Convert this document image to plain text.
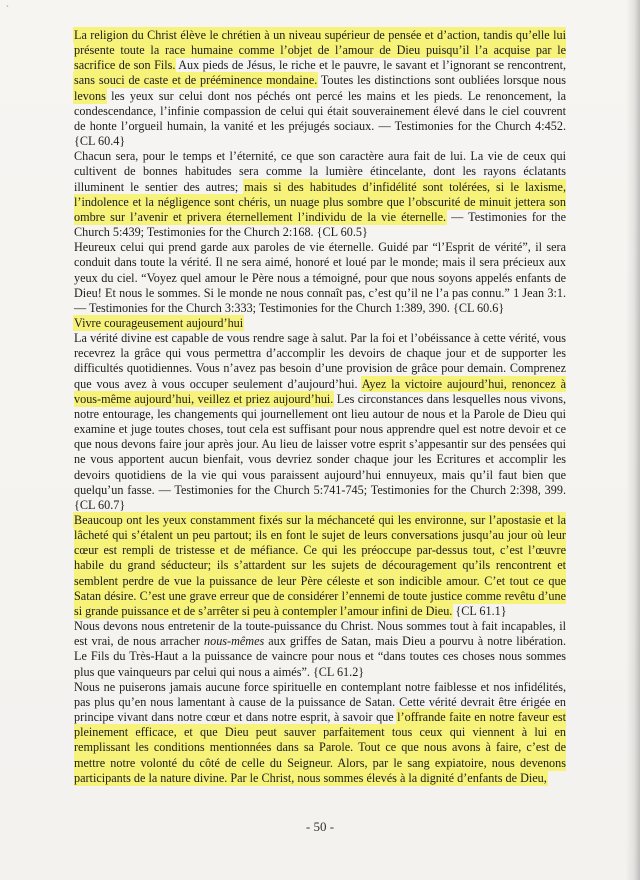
`

La religion du Christ élève le chrétien à un niveau supérieur de pensée et d’action, tandis qu’elle lui présente toute la race humaine comme l’objet de l’amour de Dieu puisqu’il l’a acquise par le sacrifice de son Fils. Aux pieds de Jésus, le riche et le pauvre, le savant et l’ignorant se rencontrent, sans souci de caste et de prééminence mondaine. Toutes les distinctions sont oubliées lorsque nous levons les yeux sur celui dont nos péchés ont percé les mains et les pieds. Le renoncement, la condescendance, l’infinie compassion de celui qui était souverainement élevé dans le ciel couvrent de honte l’orgueil humain, la vanité et les préjugés sociaux. — Testimonies for the Church 4:452. {CL 60.4}

Chacun sera, pour le temps et l’éternité, ce que son caractère aura fait de lui. La vie de ceux qui cultivent de bonnes habitudes sera comme la lumière étincelante, dont les rayons éclatants illuminent le sentier des autres; mais si des habitudes d’infidélité sont tolérées, si le laxisme, l’indolence et la négligence sont chéris, un nuage plus sombre que l’obscurité de minuit jettera son ombre sur l’avenir et privera éternellement l’individu de la vie éternelle. — Testimonies for the Church 5:439; Testimonies for the Church 2:168. {CL 60.5}

Heureux celui qui prend garde aux paroles de vie éternelle. Guidé par “l’Esprit de vérité”, il sera conduit dans toute la vérité. Il ne sera aimé, honoré et loué par le monde; mais il sera précieux aux yeux du ciel. “Voyez quel amour le Père nous a témoigné, pour que nous soyons appelés enfants de Dieu! Et nous le sommes. Si le monde ne nous connaît pas, c’est qu’il ne l’a pas connu.” 1 Jean 3:1. — Testimonies for the Church 3:333; Testimonies for the Church 1:389, 390. {CL 60.6}

Vivre courageusement aujourd’hui

La vérité divine est capable de vous rendre sage à salut. Par la foi et l’obéissance à cette vérité, vous recevrez la grâce qui vous permettra d’accomplir les devoirs de chaque jour et de supporter les difficultés quotidiennes. Vous n’avez pas besoin d’une provision de grâce pour demain. Comprenez que vous avez à vous occuper seulement d’aujourd’hui. Ayez la victoire aujourd’hui, renoncez à vous-même aujourd’hui, veillez et priez aujourd’hui. Les circonstances dans lesquelles nous vivons, notre entourage, les changements qui journellement ont lieu autour de nous et la Parole de Dieu qui examine et juge toutes choses, tout cela est suffisant pour nous apprendre quel est notre devoir et ce que nous devons faire jour après jour. Au lieu de laisser votre esprit s’appesantir sur des pensées qui ne vous apportent aucun bienfait, vous devriez sonder chaque jour les Ecritures et accomplir les devoirs quotidiens de la vie qui vous paraissent aujourd’hui ennuyeux, mais qu’il faut bien que quelqu’un fasse. — Testimonies for the Church 5:741-745; Testimonies for the Church 2:398, 399. {CL 60.7}

Beaucoup ont les yeux constamment fixés sur la méchanceté qui les environne, sur l’apostasie et la lâcheté qui s’étalent un peu partout; ils en font le sujet de leurs conversations jusqu’au jour où leur cœur est rempli de tristesse et de méfiance. Ce qui les préoccupe par-dessus tout, c’est l’œuvre habile du grand séducteur; ils s’attardent sur les sujets de découragement qu’ils rencontrent et semblent perdre de vue la puissance de leur Père céleste et son indicible amour. C’et tout ce que Satan désire. C’est une grave erreur que de considérer l’ennemi de toute justice comme revêtu d’une si grande puissance et de s’arrêter si peu à contempler l’amour infini de Dieu. {CL 61.1}

Nous devons nous entretenir de la toute-puissance du Christ. Nous sommes tout à fait incapables, il est vrai, de nous arracher nous-mêmes aux griffes de Satan, mais Dieu a pourvu à notre libération. Le Fils du Très-Haut a la puissance de vaincre pour nous et “dans toutes ces choses nous sommes plus que vainqueurs par celui qui nous a aimés”. {CL 61.2}

Nous ne puiserons jamais aucune force spirituelle en contemplant notre faiblesse et nos infidélités, pas plus qu’en nous lamentant à cause de la puissance de Satan. Cette vérité devrait être érigée en principe vivant dans notre cœur et dans notre esprit, à savoir que l’offrande faite en notre faveur est pleinement efficace, et que Dieu peut sauver parfaitement tous ceux qui viennent à lui en remplissant les conditions mentionnées dans sa Parole. Tout ce que nous avons à faire, c’est de mettre notre volonté du côté de celle du Seigneur. Alors, par le sang expiatoire, nous devenons participants de la nature divine. Par le Christ, nous sommes élevés à la dignité d’enfants de Dieu,

- 50 -
